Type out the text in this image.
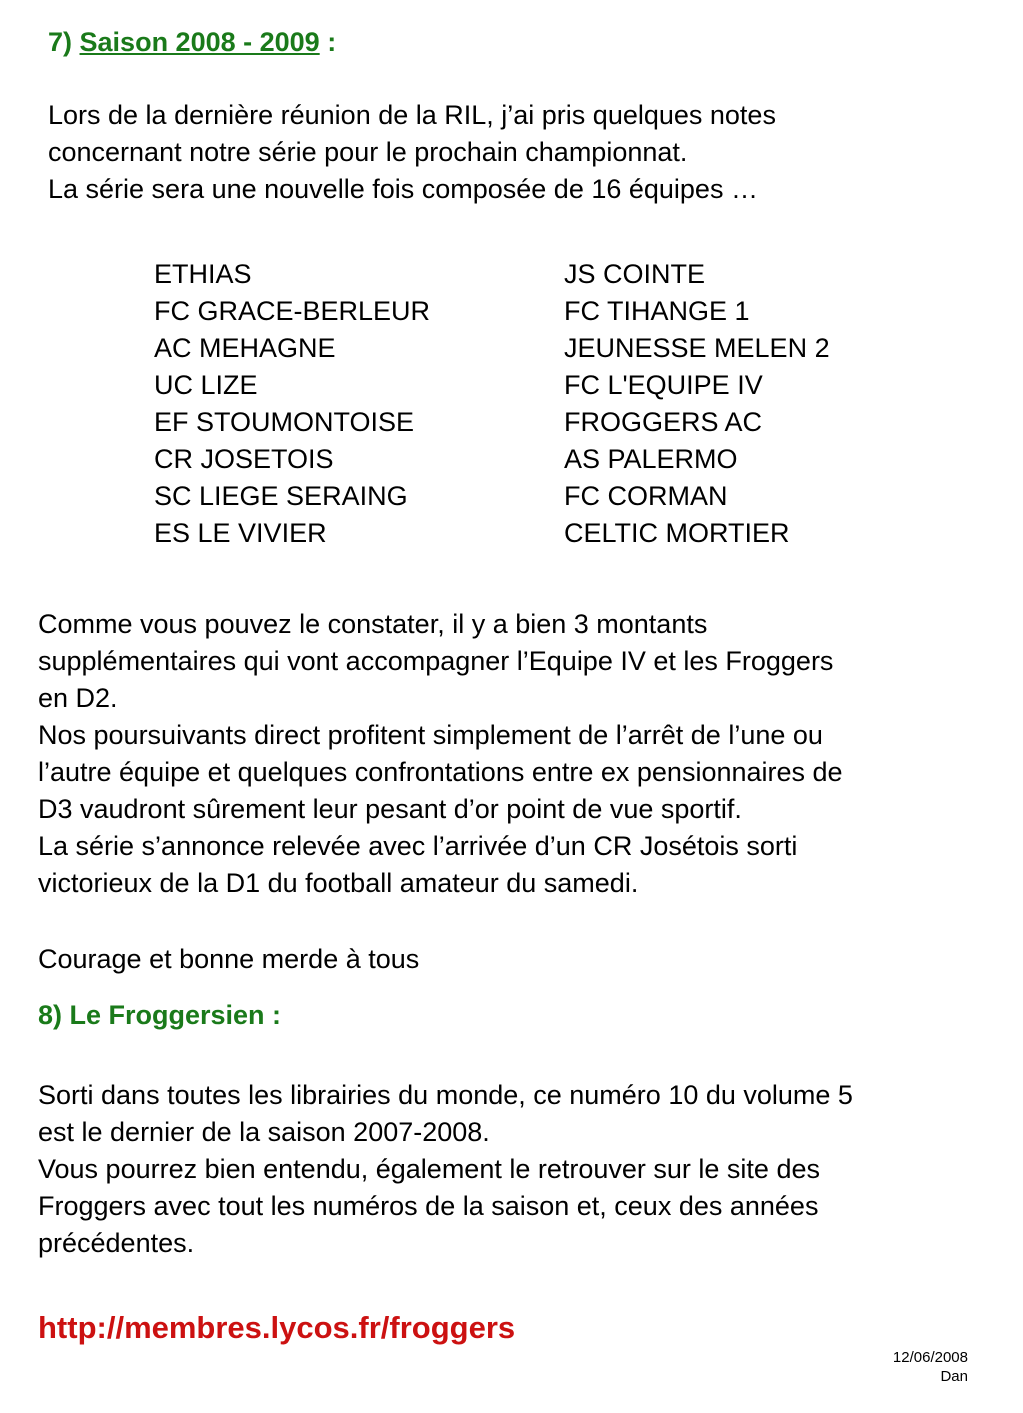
7) Saison 2008 - 2009 :
Lors de la dernière réunion de la RIL, j’ai pris quelques notes
concernant notre série pour le prochain championnat.
La série sera une nouvelle fois composée de 16 équipes …
ETHIAS
FC GRACE-BERLEUR
AC MEHAGNE
UC LIZE
EF STOUMONTOISE
CR JOSETOIS
SC LIEGE SERAING
ES LE VIVIER
JS COINTE
FC TIHANGE 1
JEUNESSE MELEN 2
FC L'EQUIPE IV
FROGGERS AC
AS PALERMO
FC CORMAN
CELTIC MORTIER
Comme vous pouvez le constater, il y a bien 3 montants
supplémentaires qui vont accompagner l’Equipe IV et les Froggers
en D2.
Nos poursuivants direct profitent simplement de l’arrêt de l’une ou
l’autre équipe et quelques confrontations entre ex pensionnaires de
D3 vaudront sûrement leur pesant d’or point de vue sportif.
La série s’annonce relevée avec l’arrivée d’un CR Josétois sorti
victorieux de la D1 du football amateur du samedi.
Courage et bonne merde à tous
8) Le Froggersien :
Sorti dans toutes les librairies du monde, ce numéro 10 du volume 5
est le dernier de la saison 2007-2008.
Vous pourrez bien entendu, également le retrouver sur le site des
Froggers avec tout les numéros de la saison et, ceux des années
précédentes.
http://membres.lycos.fr/froggers
12/06/2008
Dan
